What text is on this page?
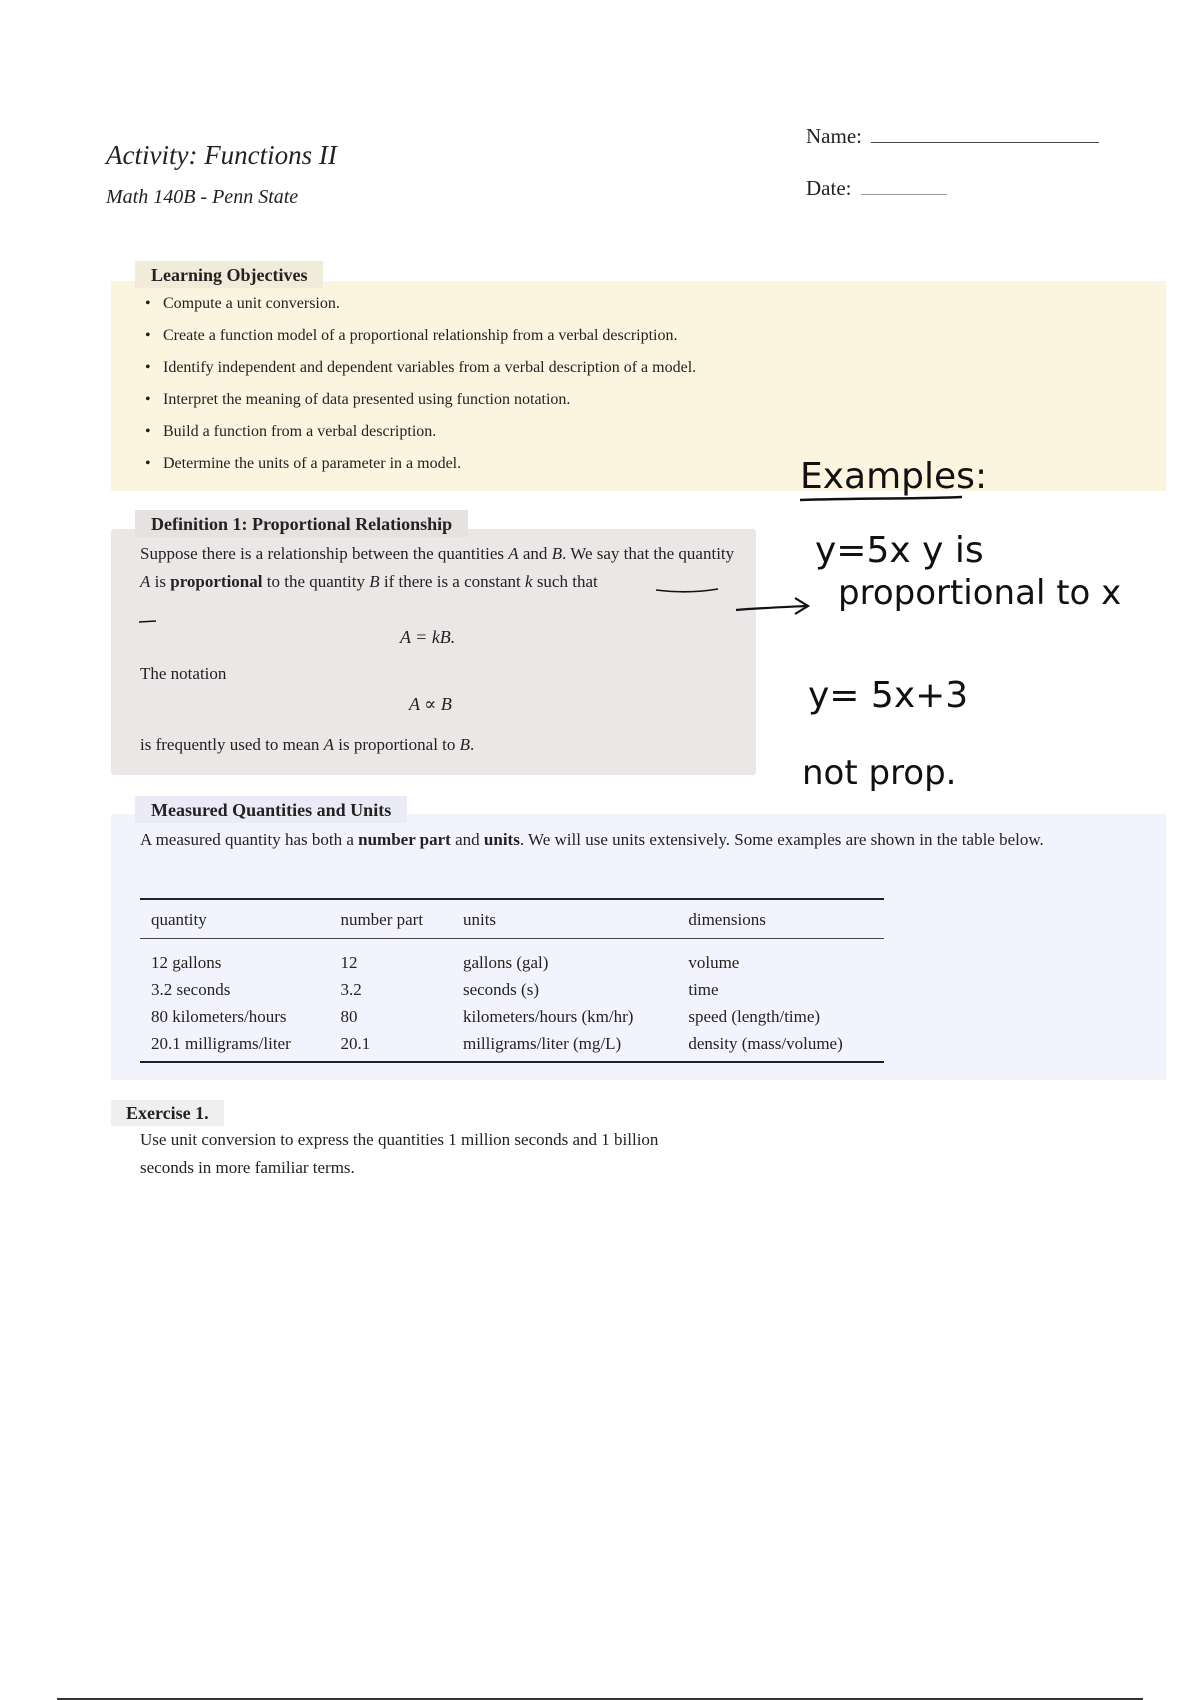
Activity: Functions II
Math 140B - Penn State
Name:
Date:
• Compute a unit conversion.
• Create a function model of a proportional relationship from a verbal description.
• Identify independent and dependent variables from a verbal description of a model.
• Interpret the meaning of data presented using function notation.
• Build a function from a verbal description.
• Determine the units of a parameter in a model.
Learning Objectives
Suppose there is a relationship between the quantities A and B. We say that the quantity A is proportional to the quantity B if there is a constant k such that
A = kB.
The notation
A ∝ B
is frequently used to mean A is proportional to B.
Definition 1: Proportional Relationship
Measured Quantities and Units
A measured quantity has both a number part and units. We will use units extensively. Some examples are shown in the table below.
quantity	number part	units	dimensions
12 gallons	12	gallons (gal)	volume
3.2 seconds	3.2	seconds (s)	time
80 kilometers/hours	80	kilometers/hours (km/hr)	speed (length/time)
20.1 milligrams/liter	20.1	milligrams/liter (mg/L)	density (mass/volume)
Exercise 1.
Use unit conversion to express the quantities 1 million seconds and 1 billion seconds in more familiar terms.
Examples:
y=5x y is
proportional to x
y= 5x+3
not prop.
